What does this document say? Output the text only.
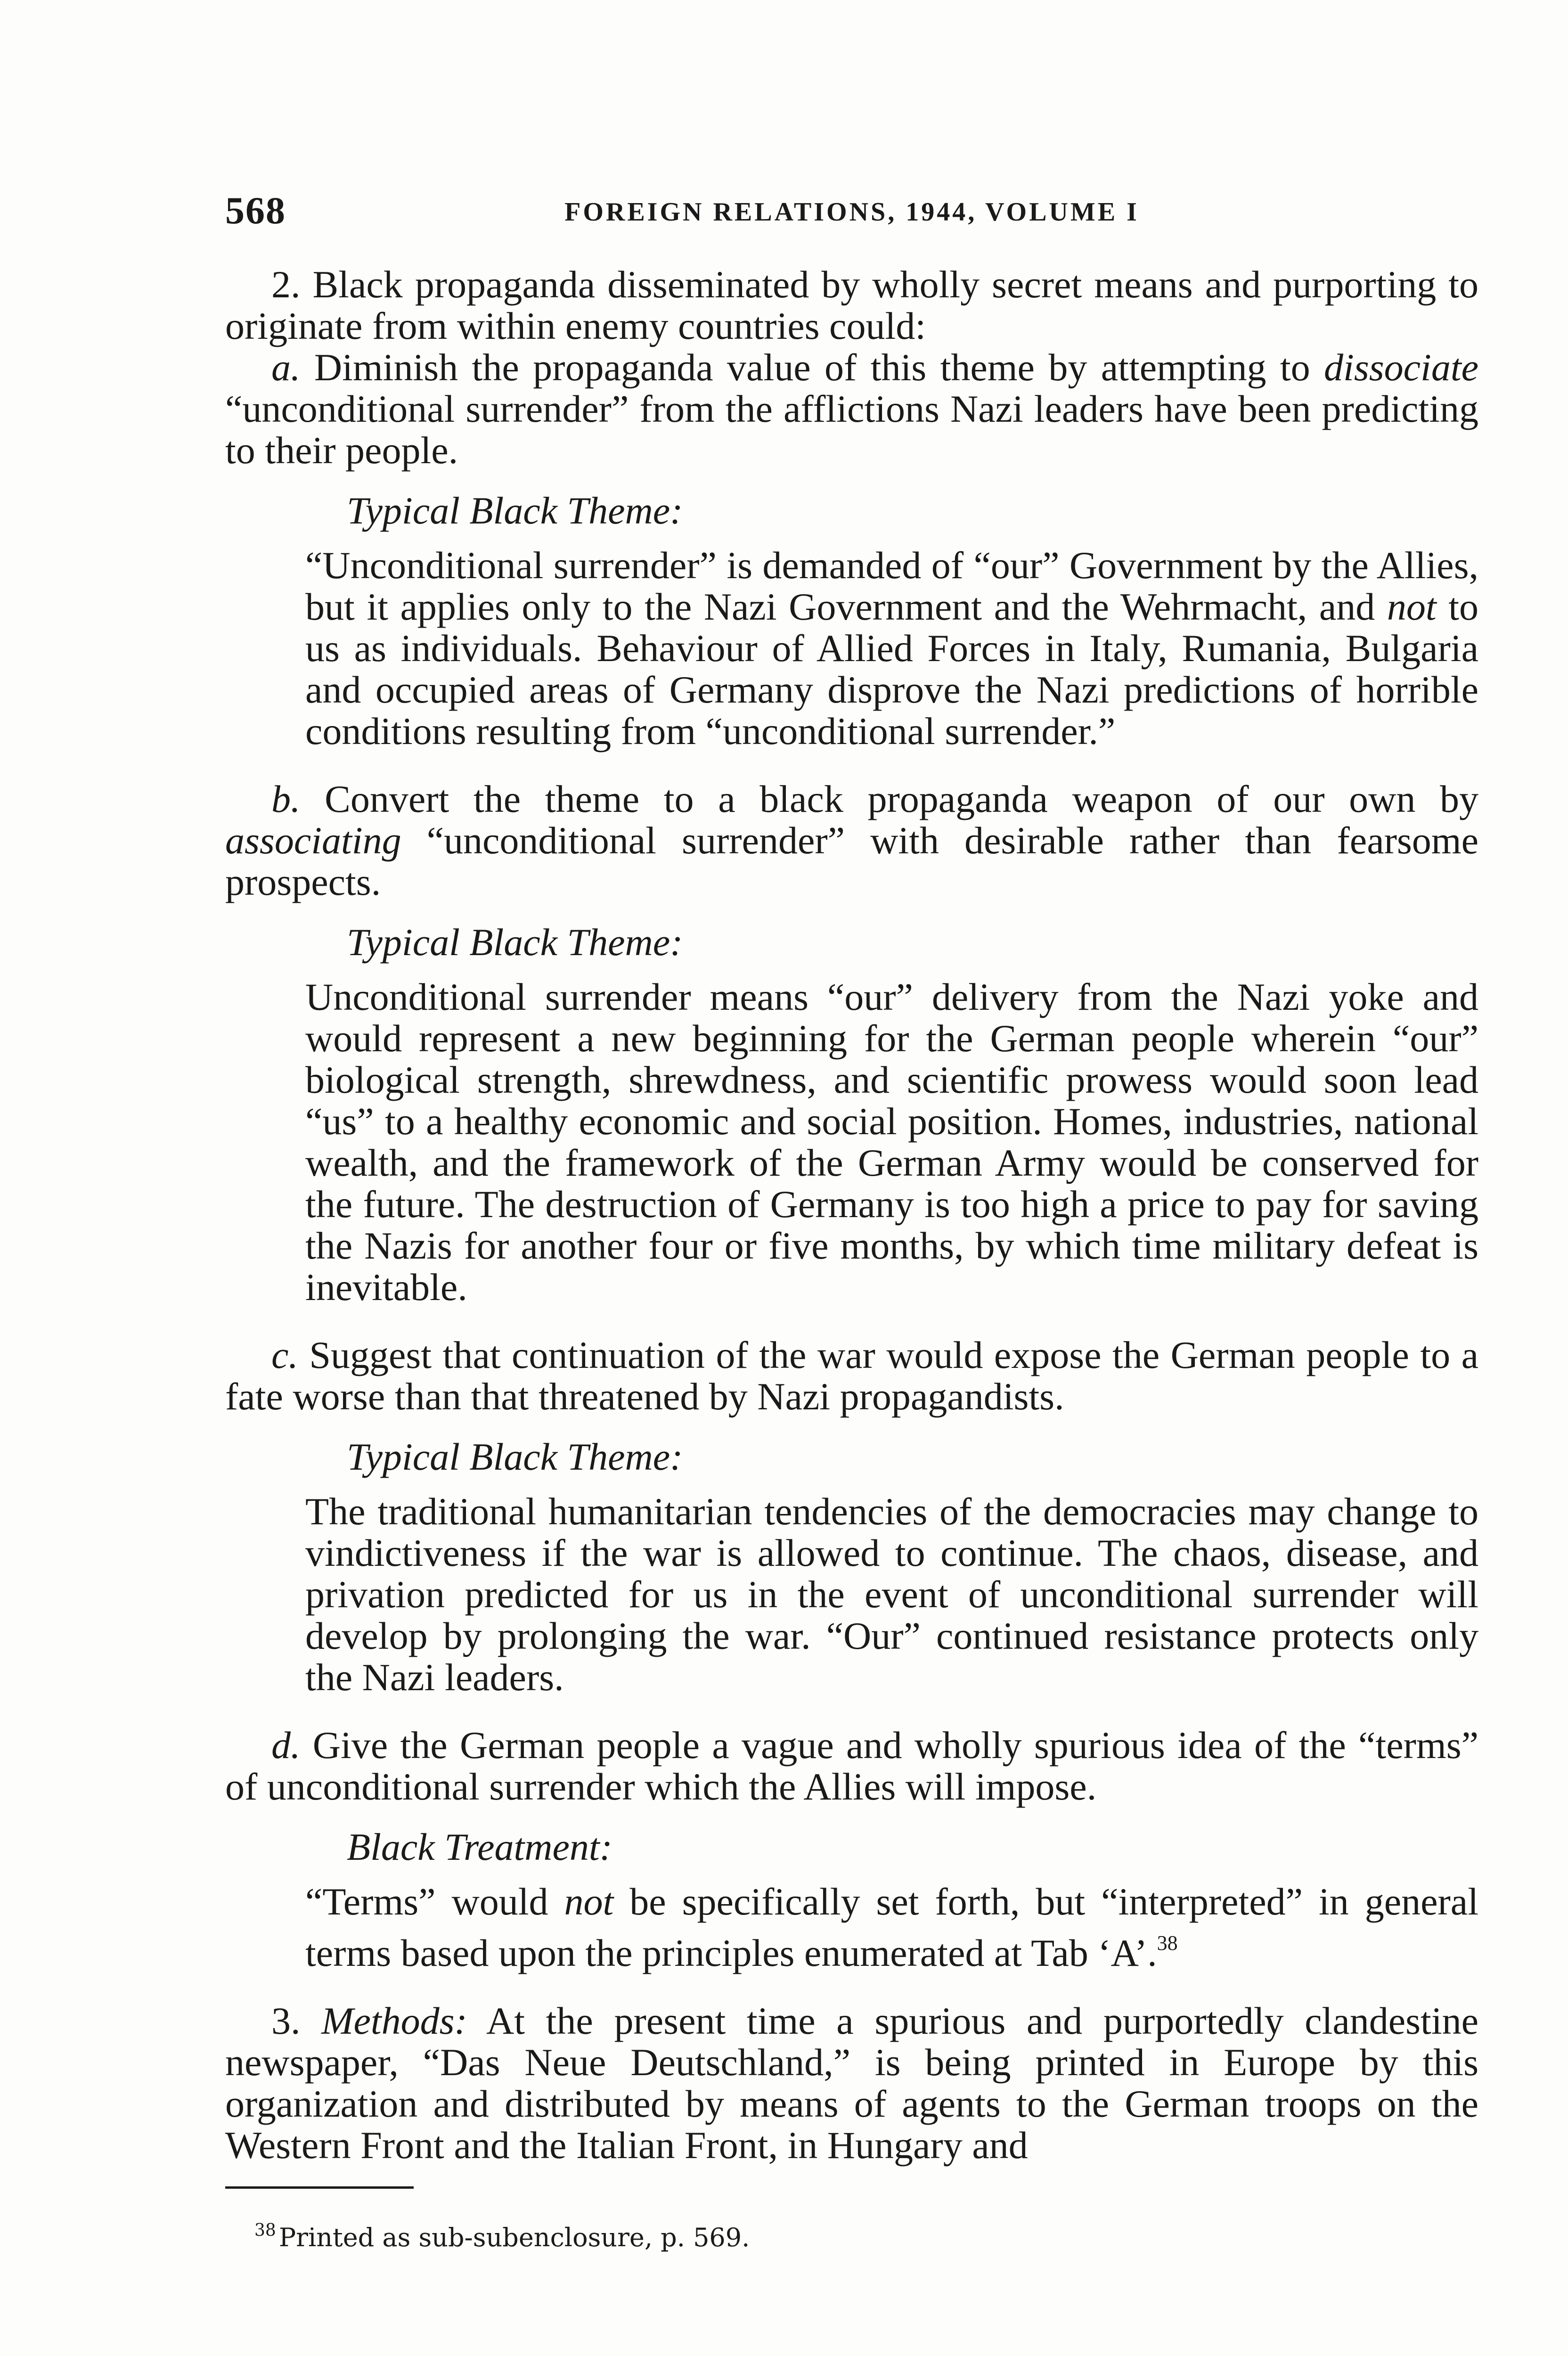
568	FOREIGN RELATIONS, 1944, VOLUME I

2. Black propaganda disseminated by wholly secret means and purporting to originate from within enemy countries could:

a. Diminish the propaganda value of this theme by attempting to dissociate “unconditional surrender” from the afflictions Nazi leaders have been predicting to their people.

Typical Black Theme:

“Unconditional surrender” is demanded of “our” Government by the Allies, but it applies only to the Nazi Government and the Wehrmacht, and not to us as individuals. Behaviour of Allied Forces in Italy, Rumania, Bulgaria and occupied areas of Germany disprove the Nazi predictions of horrible conditions resulting from “unconditional surrender.”

b. Convert the theme to a black propaganda weapon of our own by associating “unconditional surrender” with desirable rather than fearsome prospects.

Typical Black Theme:

Unconditional surrender means “our” delivery from the Nazi yoke and would represent a new beginning for the German people wherein “our” biological strength, shrewdness, and scientific prowess would soon lead “us” to a healthy economic and social position. Homes, industries, national wealth, and the framework of the German Army would be conserved for the future. The destruction of Germany is too high a price to pay for saving the Nazis for another four or five months, by which time military defeat is inevitable.

c. Suggest that continuation of the war would expose the German people to a fate worse than that threatened by Nazi propagandists.

Typical Black Theme:

The traditional humanitarian tendencies of the democracies may change to vindictiveness if the war is allowed to continue. The chaos, disease, and privation predicted for us in the event of unconditional surrender will develop by prolonging the war. “Our” continued resistance protects only the Nazi leaders.

d. Give the German people a vague and wholly spurious idea of the “terms” of unconditional surrender which the Allies will impose.

Black Treatment:

“Terms” would not be specifically set forth, but “interpreted” in general terms based upon the principles enumerated at Tab ‘A’.$^{38}$

3. Methods: At the present time a spurious and purportedly clandestine newspaper, “Das Neue Deutschland,” is being printed in Europe by this organization and distributed by means of agents to the German troops on the Western Front and the Italian Front, in Hungary and

$^{38}$ Printed as sub-subenclosure, p. 569.
